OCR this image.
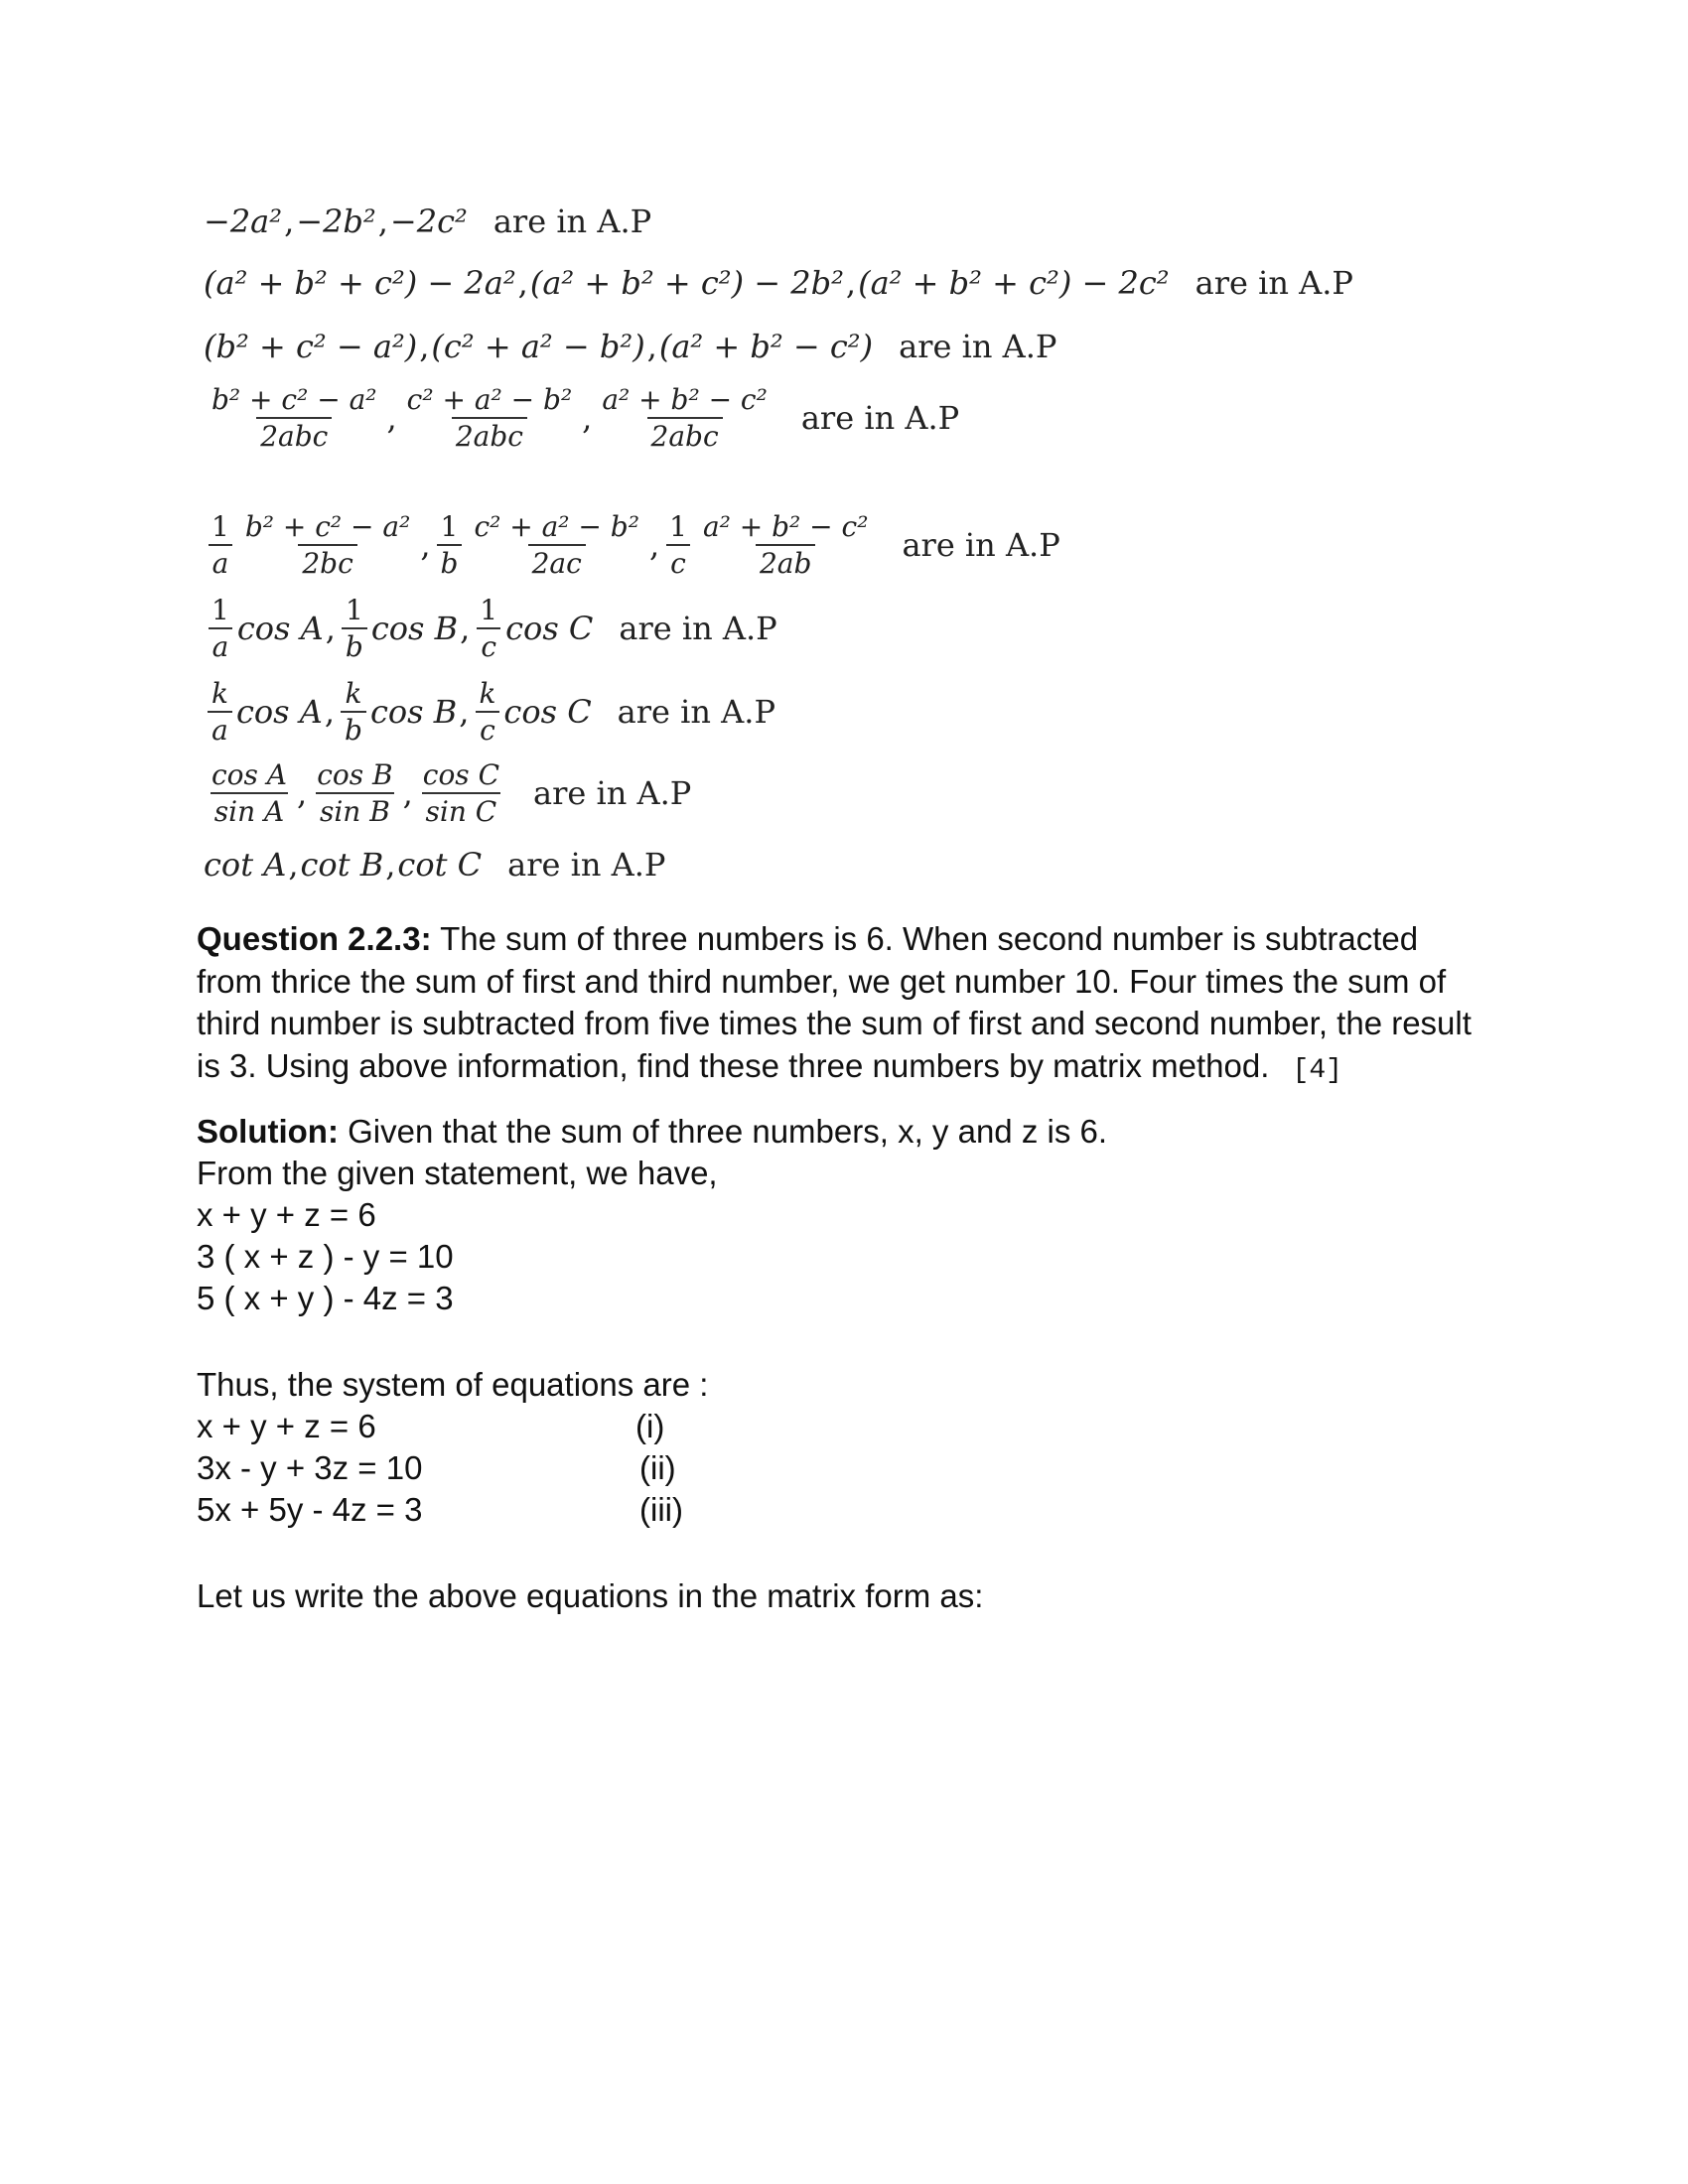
−2a² , −2b² , −2c² are in A.P
(a² + b² + c²) − 2a² , (a² + b² + c²) − 2b² , (a² + b² + c²) − 2c² are in A.P
(b² + c² − a²) , (c² + a² − b²) , (a² + b² − c²) are in A.P
$\frac{\text{b² + c² − a²}}{\text{2abc}}$ , $\frac{\text{c² + a² − b²}}{\text{2abc}}$ , $\frac{\text{a² + b² − c²}}{\text{2abc}}$ are in A.P
$\frac{1}{a} \frac{\text{b² + c² − a²}}{2bc}$ , $\frac{1}{b} \frac{\text{c² + a² − b²}}{2ac}$ , $\frac{1}{c} \frac{\text{a² + b² − c²}}{2ab}$ are in A.P
$\frac{1}{a}$ cos A , $\frac{1}{b}$ cos B , $\frac{1}{c}$ cos C are in A.P
$\frac{k}{a}$ cos A , $\frac{k}{b}$ cos B , $\frac{k}{c}$ cos C are in A.P
$\frac{\text{cos A}}{\text{sin A}}$ , $\frac{\text{cos B}}{\text{sin B}}$ , $\frac{\text{cos C}}{\text{sin C}}$ are in A.P
cot A , cot B , cot C are in A.P
Question 2.2.3: The sum of three numbers is 6. When second number is subtracted from thrice the sum of first and third number, we get number 10. Four times the sum of third number is subtracted from five times the sum of first and second number, the result is 3. Using above information, find these three numbers by matrix method. [4]
Solution: Given that the sum of three numbers, x, y and z is 6.
From the given statement, we have,
x + y + z = 6
3 ( x + z ) - y = 10
5 ( x + y ) - 4z = 3
Thus, the system of equations are :
x + y + z = 6	(i)
3x - y + 3z = 10	(ii)
5x + 5y - 4z = 3	(iii)
Let us write the above equations in the matrix form as:
